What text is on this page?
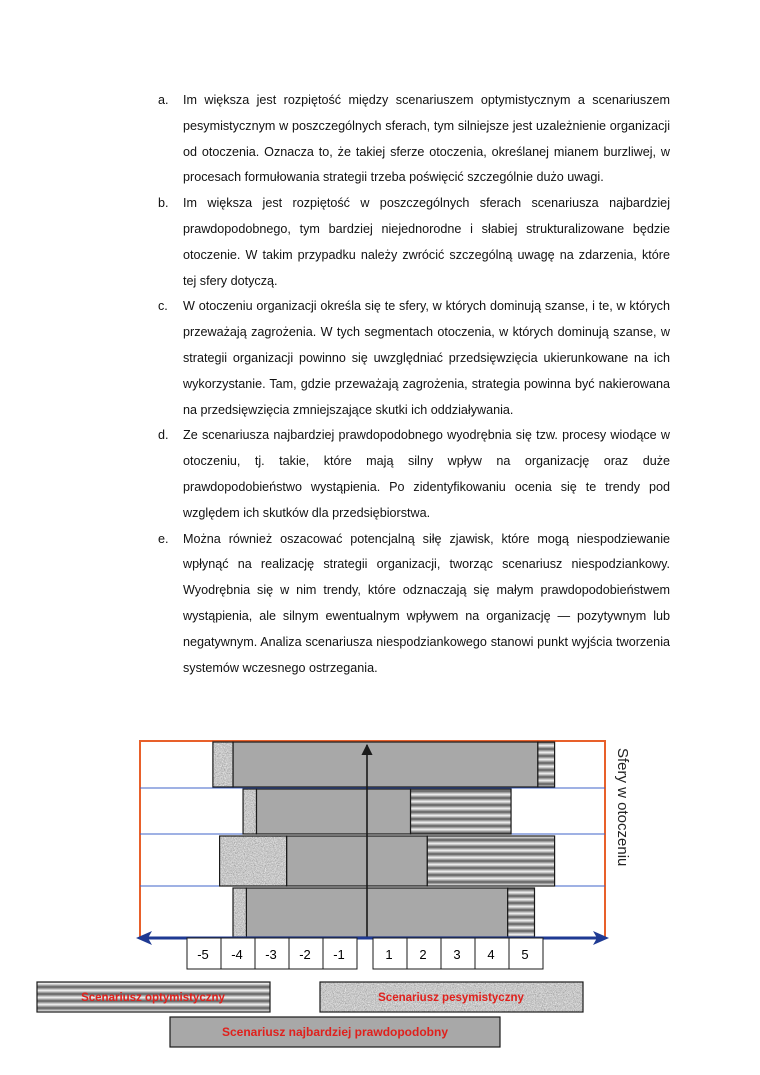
a. Im większa jest rozpiętość między scenariuszem optymistycznym a scenariuszem pesymistycznym w poszczególnych sferach, tym silniejsze jest uzależnienie organizacji od otoczenia. Oznacza to, że takiej sferze otoczenia, określanej mianem burzliwej, w procesach formułowania strategii trzeba poświęcić szczególnie dużo uwagi.
b. Im większa jest rozpiętość w poszczególnych sferach scenariusza najbardziej prawdopodobnego, tym bardziej niejednorodne i słabiej strukturalizowane będzie otoczenie. W takim przypadku należy zwrócić szczególną uwagę na zdarzenia, które tej sfery dotyczą.
c. W otoczeniu organizacji określa się te sfery, w których dominują szanse, i te, w których przeważają zagrożenia. W tych segmentach otoczenia, w których dominują szanse, w strategii organizacji powinno się uwzględniać przedsięwzięcia ukierunkowane na ich wykorzystanie. Tam, gdzie przeważają zagrożenia, strategia powinna być nakierowana na przedsięwzięcia zmniejszające skutki ich oddziaływania.
d. Ze scenariusza najbardziej prawdopodobnego wyodrębnia się tzw. procesy wiodące w otoczeniu, tj. takie, które mają silny wpływ na organizację oraz duże prawdopodobieństwo wystąpienia. Po zidentyfikowaniu ocenia się te trendy pod względem ich skutków dla przedsiębiorstwa.
e. Można również oszacować potencjalną siłę zjawisk, które mogą niespodziewanie wpłynąć na realizację strategii organizacji, tworząc scenariusz niespodziankowy. Wyodrębnia się w nim trendy, które odznaczają się małym prawdopodobieństwem wystąpienia, ale silnym ewentualnym wpływem na organizację — pozytywnym lub negatywnym. Analiza scenariusza niespodziankowego stanowi punkt wyjścia tworzenia systemów wczesnego ostrzegania.
-5 -4 -3 -2 -1	1 2 3 4 5
Sfery w otoczeniu
Scenariusz optymistyczny	Scenariusz pesymistyczny
Scenariusz najbardziej prawdopodobny
